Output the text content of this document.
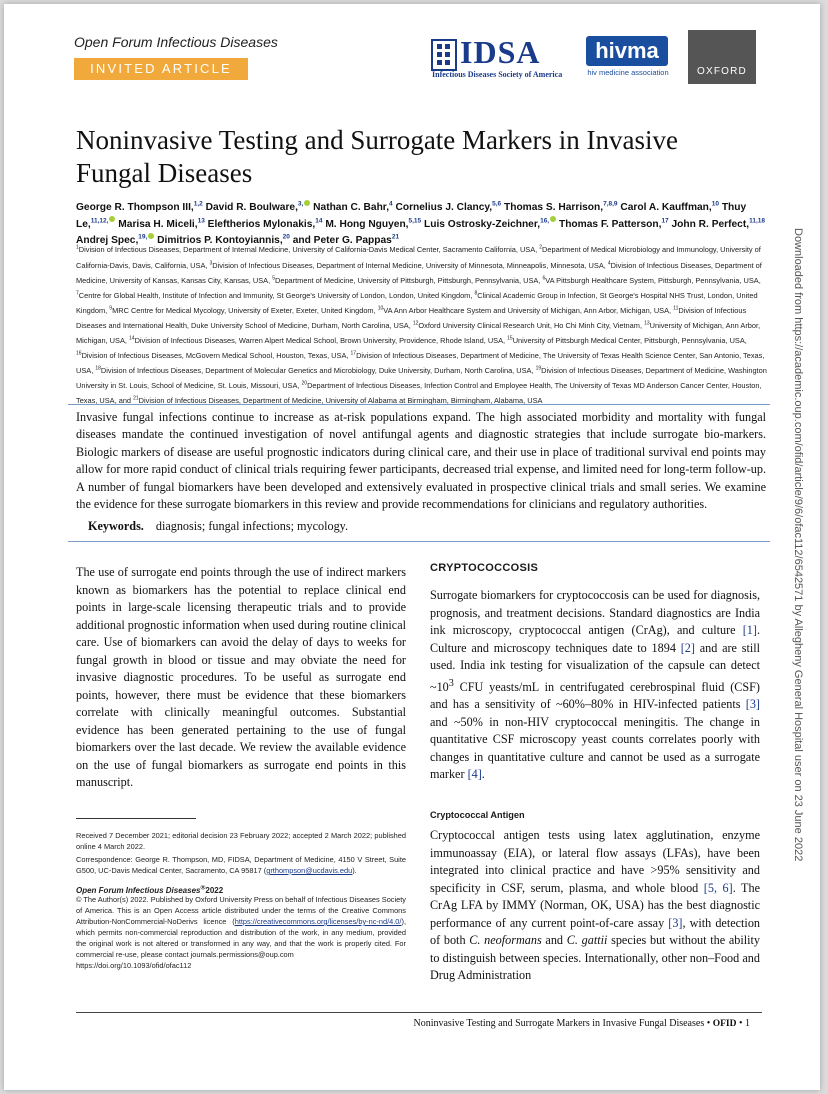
Open Forum Infectious Diseases
INVITED ARTICLE	IDSA
Infectious Diseases Society of America
hivma
hiv medicine association	OXFORD
Noninvasive Testing and Surrogate Markers in Invasive Fungal Diseases
George R. Thompson III,$^{1,2}$ David R. Boulware,$^{3,}$ Nathan C. Bahr,$^4$ Cornelius J. Clancy,$^{5,6}$ Thomas S. Harrison,$^{7,8,9}$ Carol A. Kauffman,$^{10}$ Thuy Le,$^{11,12,}$ Marisa H. Miceli,$^{13}$ Eleftherios Mylonakis,$^{14}$ M. Hong Nguyen,$^{5,15}$ Luis Ostrosky-Zeichner,$^{16,}$ Thomas F. Patterson,$^{17}$ John R. Perfect,$^{11,18}$ Andrej Spec,$^{19,}$ Dimitrios P. Kontoyiannis,$^{20}$ and Peter G. Pappas$^{21}$
$^1$Division of Infectious Diseases, Department of Internal Medicine, University of California-Davis Medical Center, Sacramento California, USA, $^2$Department of Medical Microbiology and Immunology, University of California-Davis, Davis, California, USA, $^3$Division of Infectious Diseases, Department of Internal Medicine, University of Minnesota, Minneapolis, Minnesota, USA, $^4$Division of Infectious Diseases, Department of Medicine, University of Kansas, Kansas City, Kansas, USA, $^5$Department of Medicine, University of Pittsburgh, Pittsburgh, Pennsylvania, USA, $^6$VA Pittsburgh Healthcare System, Pittsburgh, Pennsylvania, USA, $^7$Centre for Global Health, Institute of Infection and Immunity, St George's University of London, London, United Kingdom, $^8$Clinical Academic Group in Infection, St George's Hospital NHS Trust, London, United Kingdom, $^9$MRC Centre for Medical Mycology, University of Exeter, Exeter, United Kingdom, $^{10}$VA Ann Arbor Healthcare System and University of Michigan, Ann Arbor, Michigan, USA, $^{11}$Division of Infectious Diseases and International Health, Duke University School of Medicine, Durham, North Carolina, USA, $^{12}$Oxford University Clinical Research Unit, Ho Chi Minh City, Vietnam, $^{13}$University of Michigan, Ann Arbor, Michigan, USA, $^{14}$Division of Infectious Diseases, Warren Alpert Medical School, Brown University, Providence, Rhode Island, USA, $^{15}$University of Pittsburgh Medical Center, Pittsburgh, Pennsylvania, USA, $^{16}$Division of Infectious Diseases, McGovern Medical School, Houston, Texas, USA, $^{17}$Division of Infectious Diseases, Department of Medicine, The University of Texas Health Science Center, San Antonio, Texas, USA, $^{18}$Division of Infectious Diseases, Department of Molecular Genetics and Microbiology, Duke University, Durham, North Carolina, USA, $^{19}$Division of Infectious Diseases, Department of Medicine, Washington University in St. Louis, School of Medicine, St. Louis, Missouri, USA, $^{20}$Department of Infectious Diseases, Infection Control and Employee Health, The University of Texas MD Anderson Cancer Center, Houston, Texas, USA, and $^{21}$Division of Infectious Diseases, Department of Medicine, University of Alabama at Birmingham, Birmingham, Alabama, USA
Invasive fungal infections continue to increase as at-risk populations expand. The high associated morbidity and mortality with fungal diseases mandate the continued investigation of novel antifungal agents and diagnostic strategies that include surrogate bio-markers. Biologic markers of disease are useful prognostic indicators during clinical care, and their use in place of traditional survival end points may allow for more rapid conduct of clinical trials requiring fewer participants, decreased trial expense, and limited need for long-term follow-up. A number of fungal biomarkers have been developed and extensively evaluated in prospective clinical trials and small series. We examine the evidence for these surrogate biomarkers in this review and provide recommendations for clinicians and regulatory authorities.
Keywords. diagnosis; fungal infections; mycology.
The use of surrogate end points through the use of indirect markers known as biomarkers has the potential to replace clinical end points in large-scale licensing therapeutic trials and to provide additional prognostic information when used during routine clinical care. Use of biomarkers can avoid the delay of days to weeks for fungal growth in blood or tissue and may obviate the need for invasive diagnostic procedures. To be useful as surrogate end points, however, there must be evidence that these biomarkers correlate with clinically meaningful outcomes. Substantial evidence has been generated pertaining to the use of fungal biomarkers over the last decade. We review the available evidence on the use of fungal biomarkers as surrogate end points in this manuscript.
CRYPTOCOCCOSIS
Surrogate biomarkers for cryptococcosis can be used for diagnosis, prognosis, and treatment decisions. Standard diagnostics are India ink microscopy, cryptococcal antigen (CrAg), and culture [1]. Culture and microscopy techniques date to 1894 [2] and are still used. India ink testing for visualization of the capsule can detect $\sim 10^3$ CFU yeasts/mL in centrifugated cerebrospinal fluid (CSF) and has a sensitivity of ~60%–80% in HIV-infected patients [3] and ~50% in non-HIV cryptococcal meningitis. The change in quantitative CSF microscopy yeast counts correlates poorly with changes in quantitative culture and cannot be used as a surrogate marker [4].
Cryptococcal Antigen
Cryptococcal antigen tests using latex agglutination, enzyme immunoassay (EIA), or lateral flow assays (LFAs), have been integrated into clinical practice and have >95% sensitivity and specificity in CSF, serum, plasma, and whole blood [5, 6]. The CrAg LFA by IMMY (Norman, OK, USA) has the best diagnostic performance of any current point-of-care assay [3], with detection of both C. neoformans and C. gattii species but without the ability to distinguish between species. Internationally, other non–Food and Drug Administration
Received 7 December 2021; editorial decision 23 February 2022; accepted 2 March 2022; published online 4 March 2022.
Correspondence: George R. Thompson, MD, FIDSA, Department of Medicine, 4150 V Street, Suite G500, UC-Davis Medical Center, Sacramento, CA 95817 (grthompson@ucdavis.edu).
Open Forum Infectious Diseases®2022
© The Author(s) 2022. Published by Oxford University Press on behalf of Infectious Diseases Society of America. This is an Open Access article distributed under the terms of the Creative Commons Attribution-NonCommercial-NoDerivs licence (https://creativecommons.org/licenses/by-nc-nd/4.0/), which permits non-commercial reproduction and distribution of the work, in any medium, provided the original work is not altered or transformed in any way, and that the work is properly cited. For commercial re-use, please contact journals.permissions@oup.com
https://doi.org/10.1093/ofid/ofac112
Noninvasive Testing and Surrogate Markers in Invasive Fungal Diseases • OFID • 1
Downloaded from https://academic.oup.com/ofid/article/9/6/ofac112/6542571 by Allegheny General Hospital user on 23 June 2022
